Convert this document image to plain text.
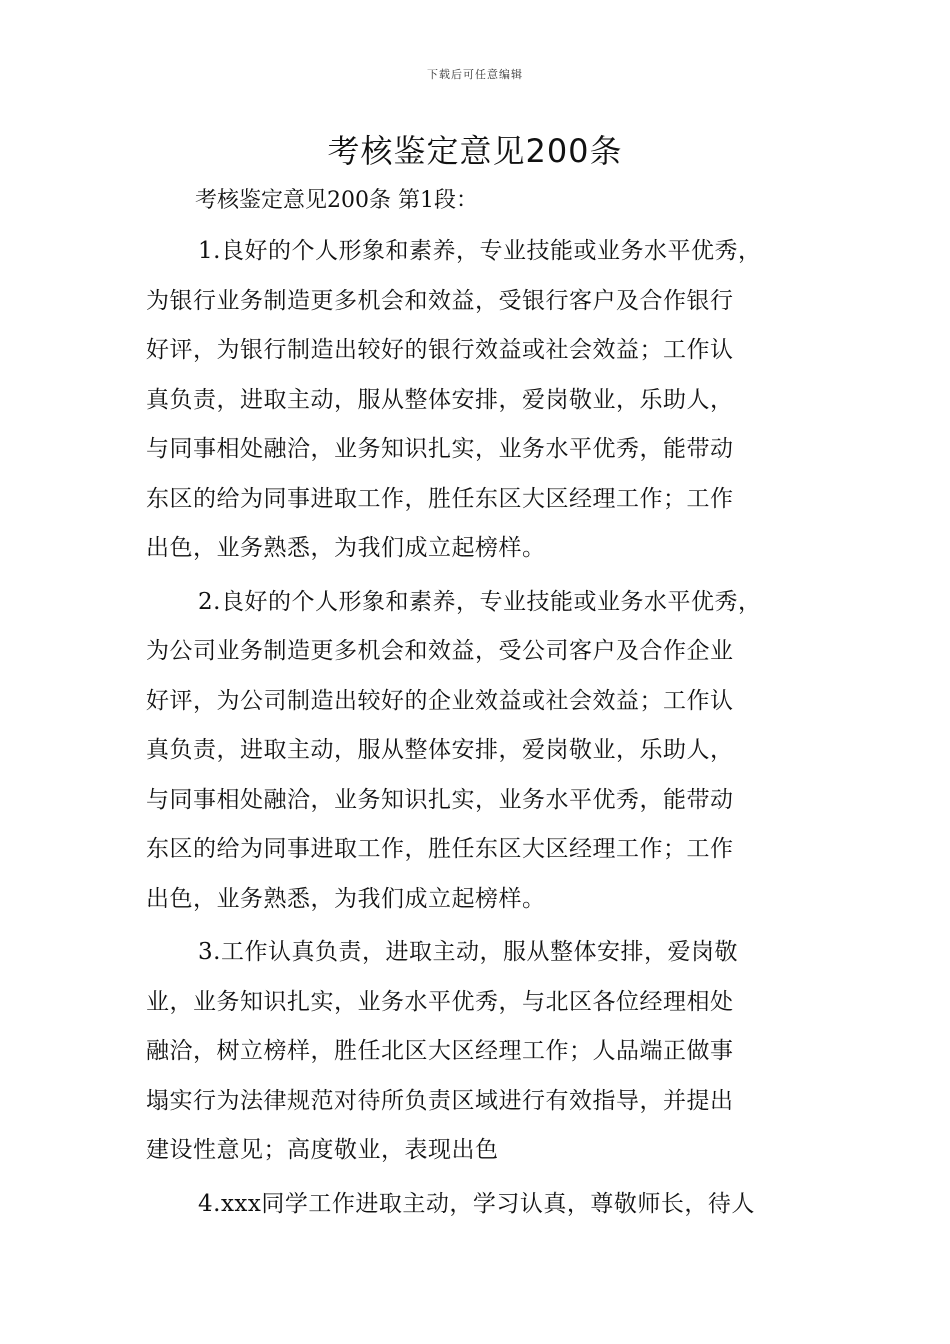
下载后可任意编辑
考核鉴定意见200条
考核鉴定意见200条 第1段：
1.良好的个人形象和素养，专业技能或业务水平优秀，
为银行业务制造更多机会和效益，受银行客户及合作银行
好评，为银行制造出较好的银行效益或社会效益；工作认
真负责，进取主动，服从整体安排，爱岗敬业，乐助人，
与同事相处融洽，业务知识扎实，业务水平优秀，能带动
东区的给为同事进取工作，胜任东区大区经理工作；工作
出色，业务熟悉，为我们成立起榜样。
2.良好的个人形象和素养，专业技能或业务水平优秀，
为公司业务制造更多机会和效益，受公司客户及合作企业
好评，为公司制造出较好的企业效益或社会效益；工作认
真负责，进取主动，服从整体安排，爱岗敬业，乐助人，
与同事相处融洽，业务知识扎实，业务水平优秀，能带动
东区的给为同事进取工作，胜任东区大区经理工作；工作
出色，业务熟悉，为我们成立起榜样。
3.工作认真负责，进取主动，服从整体安排，爱岗敬
业，业务知识扎实，业务水平优秀，与北区各位经理相处
融洽，树立榜样，胜任北区大区经理工作；人品端正做事
塌实行为法律规范对待所负责区域进行有效指导，并提出
建设性意见；高度敬业，表现出色
4.xxx同学工作进取主动，学习认真，尊敬师长，待人
